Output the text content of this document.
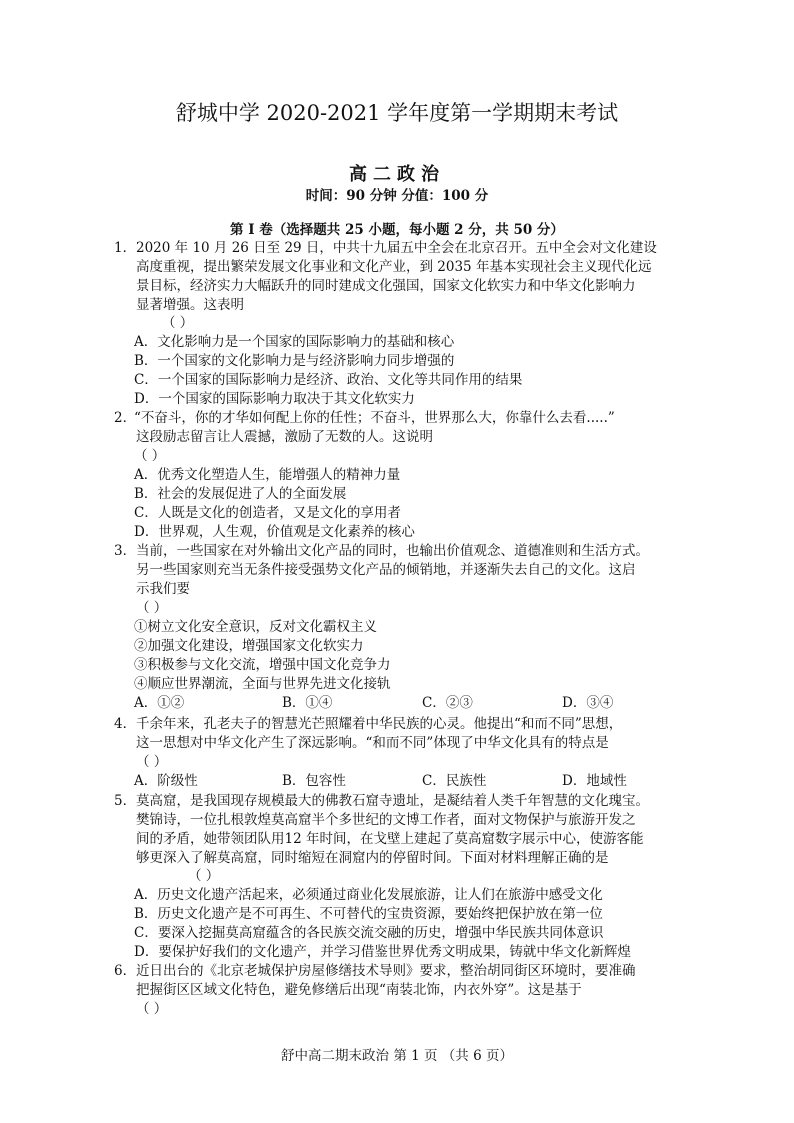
舒城中学 2020-2021 学年度第一学期期末考试
高二政治
时间：90 分钟 分值：100 分
第 I 卷（选择题共 25 小题，每小题 2 分，共 50 分）
1． 2020 年 10 月 26 日至 29 日，中共十九届五中全会在北京召开。五中全会对文化建设
高度重视，提出繁荣发展文化事业和文化产业，到 2035 年基本实现社会主义现代化远
景目标，经济实力大幅跃升的同时建成文化强国，国家文化软实力和中华文化影响力
显著增强。这表明
（ ）
A．文化影响力是一个国家的国际影响力的基础和核心
B．一个国家的文化影响力是与经济影响力同步增强的
C．一个国家的国际影响力是经济、政治、文化等共同作用的结果
D．一个国家的国际影响力取决于其文化软实力
2．
“不奋斗，你的才华如何配上你的任性；不奋斗，世界那么大，你靠什么去看.....”
这段励志留言让人震撼，激励了无数的人。这说明
（ ）
A．优秀文化塑造人生，能增强人的精神力量
B．社会的发展促进了人的全面发展
C．人既是文化的创造者，又是文化的享用者
D．世界观，人生观，价值观是文化素养的核心
3． 当前，一些国家在对外输出文化产品的同时，也输出价值观念、道德准则和生活方式。
另一些国家则充当无条件接受强势文化产品的倾销地，并逐渐失去自己的文化。这启
示我们要
（ ）
①树立文化安全意识，反对文化霸权主义
②加强文化建设，增强国家文化软实力
③积极参与文化交流，增强中国文化竞争力
④顺应世界潮流，全面与世界先进文化接轨
A．①②	B．①④	C．②③	D．③④
4． 千余年来，孔老夫子的智慧光芒照耀着中华民族的心灵。他提出“和而不同”思想，
这一思想对中华文化产生了深远影响。“和而不同”体现了中华文化具有的特点是
（ ）
A．阶级性	B．包容性	C．民族性	D．地域性
5． 莫高窟，是我国现存规模最大的佛教石窟寺遗址，是凝结着人类千年智慧的文化瑰宝。
樊锦诗，一位扎根敦煌莫高窟半个多世纪的文博工作者，面对文物保护与旅游开发之
间的矛盾，她带领团队用12 年时间，在戈壁上建起了莫高窟数字展示中心，使游客能
够更深入了解莫高窟，同时缩短在洞窟内的停留时间。下面对材料理解正确的是
（ ）
A．历史文化遗产活起来，必须通过商业化发展旅游，让人们在旅游中感受文化
B．历史文化遗产是不可再生、不可替代的宝贵资源，要始终把保护放在第一位
C．要深入挖掘莫高窟蕴含的各民族交流交融的历史，增强中华民族共同体意识
D．要保护好我们的文化遗产，并学习借鉴世界优秀文明成果，铸就中华文化新辉煌
6． 近日出台的《北京老城保护房屋修缮技术导则》要求，整治胡同街区环境时，要准确
把握街区区域文化特色，避免修缮后出现“南装北饰，内衣外穿”。这是基于
（ ）
舒中高二期末政治 第 1 页 （共 6 页）
